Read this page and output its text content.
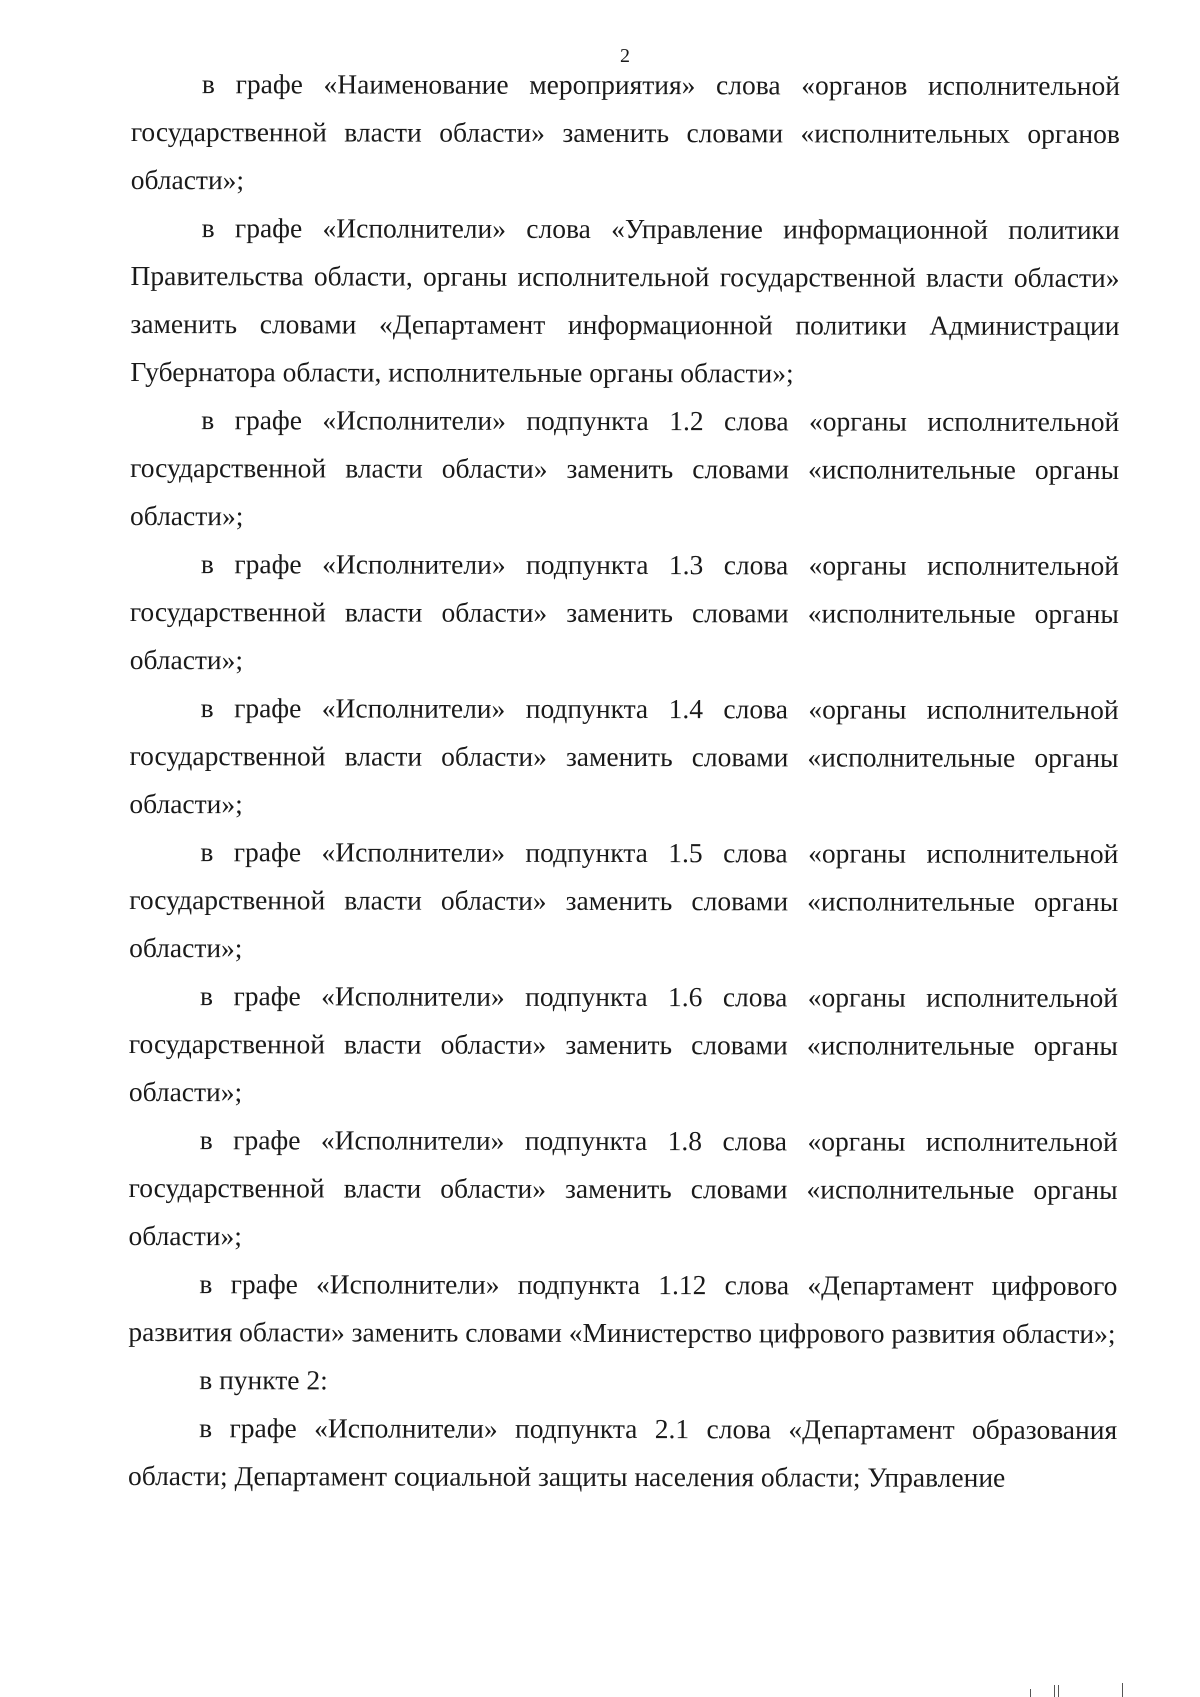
2

в графе «Наименование мероприятия» слова «органов исполнительной государственной власти области» заменить словами «исполнительных органов области»;

в графе «Исполнители» слова «Управление информационной политики Правительства области, органы исполнительной государственной власти области» заменить словами «Департамент информационной политики Администрации Губернатора области, исполнительные органы области»;

в графе «Исполнители» подпункта 1.2 слова «органы исполнительной государственной власти области» заменить словами «исполнительные органы области»;

в графе «Исполнители» подпункта 1.3 слова «органы исполнительной государственной власти области» заменить словами «исполнительные органы области»;

в графе «Исполнители» подпункта 1.4 слова «органы исполнительной государственной власти области» заменить словами «исполнительные органы области»;

в графе «Исполнители» подпункта 1.5 слова «органы исполнительной государственной власти области» заменить словами «исполнительные органы области»;

в графе «Исполнители» подпункта 1.6 слова «органы исполнительной государственной власти области» заменить словами «исполнительные органы области»;

в графе «Исполнители» подпункта 1.8 слова «органы исполнительной государственной власти области» заменить словами «исполнительные органы области»;

в графе «Исполнители» подпункта 1.12 слова «Департамент цифрового развития области» заменить словами «Министерство цифрового развития области»;

в пункте 2:

в графе «Исполнители» подпункта 2.1 слова «Департамент образования области; Департамент социальной защиты населения области; Управление
